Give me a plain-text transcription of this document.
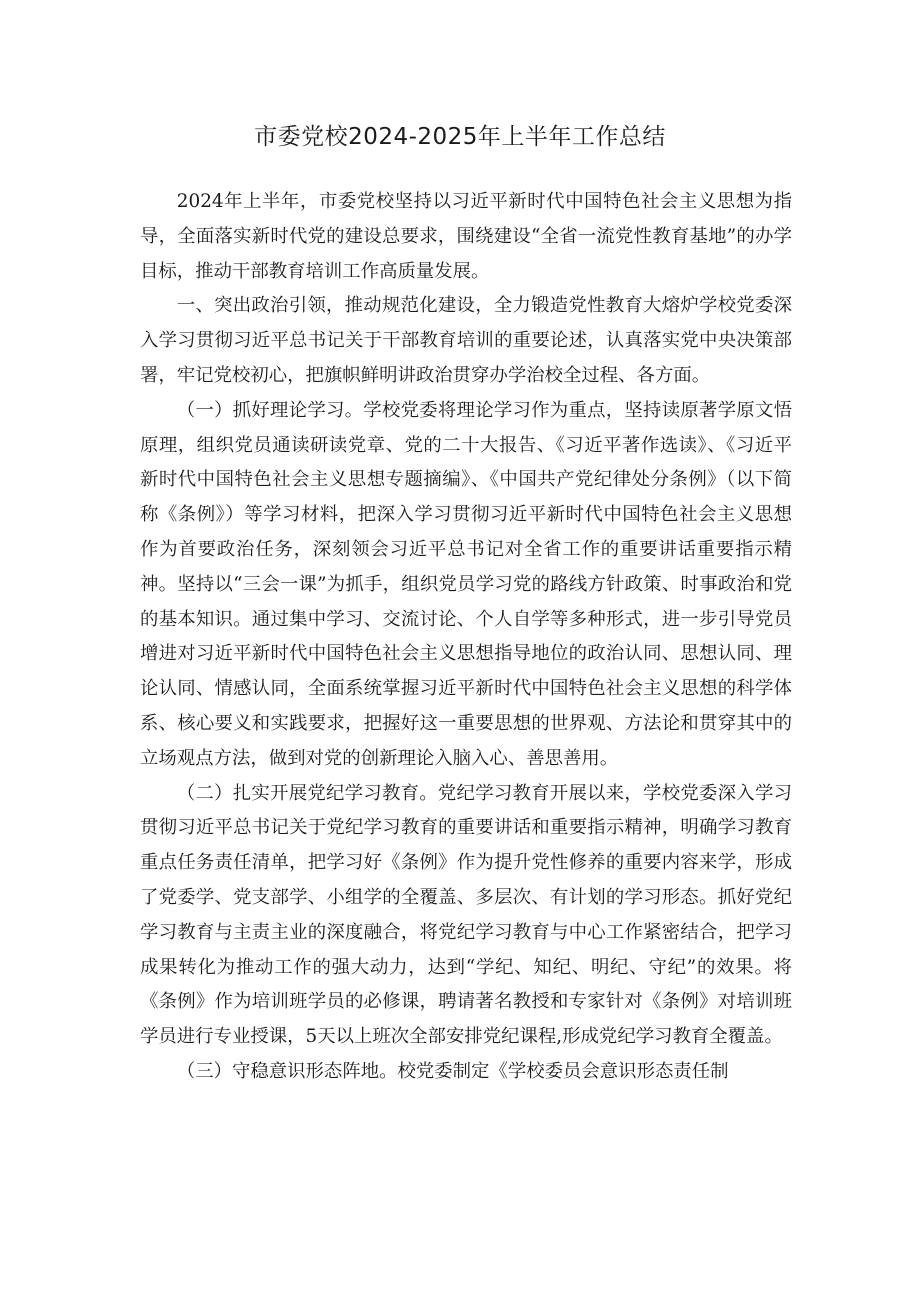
市委党校2024-2025年上半年工作总结

2024年上半年，市委党校坚持以习近平新时代中国特色社会主义思想为指导，全面落实新时代党的建设总要求，围绕建设“全省一流党性教育基地”的办学目标，推动干部教育培训工作高质量发展。

一、突出政治引领，推动规范化建设，全力锻造党性教育大熔炉学校党委深入学习贯彻习近平总书记关于干部教育培训的重要论述，认真落实党中央决策部署，牢记党校初心，把旗帜鲜明讲政治贯穿办学治校全过程、各方面。

（一）抓好理论学习。学校党委将理论学习作为重点，坚持读原著学原文悟原理，组织党员通读研读党章、党的二十大报告、《习近平著作选读》、《习近平新时代中国特色社会主义思想专题摘编》、《中国共产党纪律处分条例》（以下简称《条例》）等学习材料，把深入学习贯彻习近平新时代中国特色社会主义思想作为首要政治任务，深刻领会习近平总书记对全省工作的重要讲话重要指示精神。坚持以“三会一课”为抓手，组织党员学习党的路线方针政策、时事政治和党的基本知识。通过集中学习、交流讨论、个人自学等多种形式，进一步引导党员增进对习近平新时代中国特色社会主义思想指导地位的政治认同、思想认同、理论认同、情感认同，全面系统掌握习近平新时代中国特色社会主义思想的科学体系、核心要义和实践要求，把握好这一重要思想的世界观、方法论和贯穿其中的立场观点方法，做到对党的创新理论入脑入心、善思善用。

（二）扎实开展党纪学习教育。党纪学习教育开展以来，学校党委深入学习贯彻习近平总书记关于党纪学习教育的重要讲话和重要指示精神，明确学习教育重点任务责任清单，把学习好《条例》作为提升党性修养的重要内容来学，形成了党委学、党支部学、小组学的全覆盖、多层次、有计划的学习形态。抓好党纪学习教育与主责主业的深度融合，将党纪学习教育与中心工作紧密结合，把学习成果转化为推动工作的强大动力，达到“学纪、知纪、明纪、守纪”的效果。将《条例》作为培训班学员的必修课，聘请著名教授和专家针对《条例》对培训班学员进行专业授课，5天以上班次全部安排党纪课程,形成党纪学习教育全覆盖。

（三）守稳意识形态阵地。校党委制定《学校委员会意识形态责任制
